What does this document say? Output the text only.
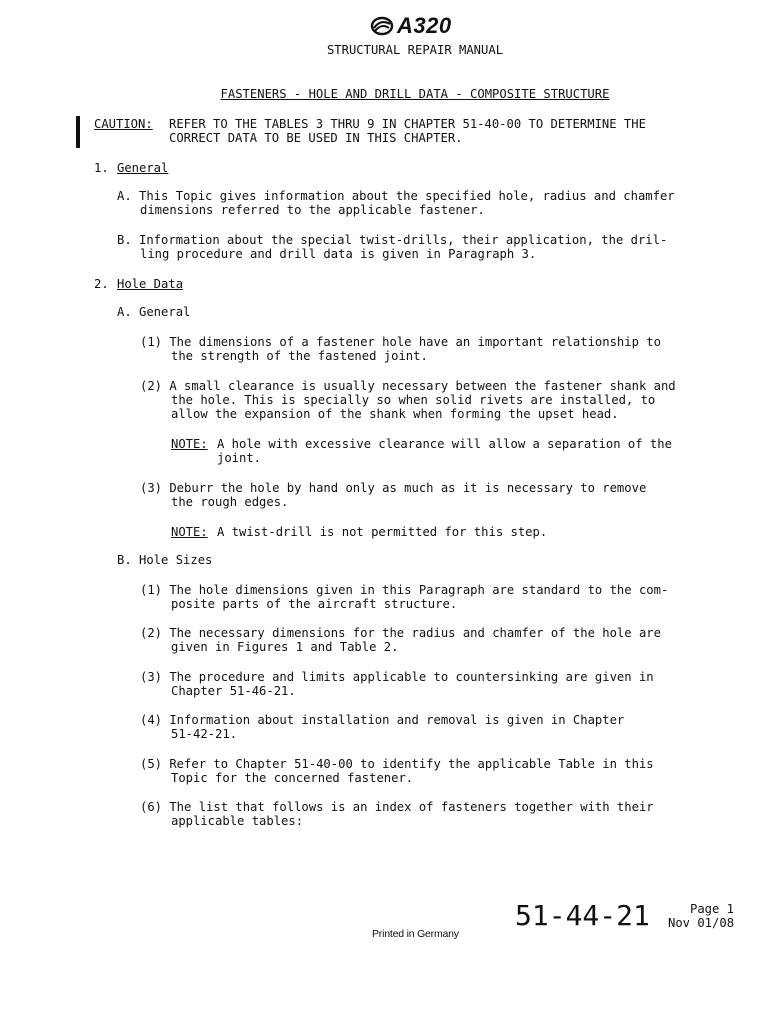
A320
STRUCTURAL REPAIR MANUAL
FASTENERS - HOLE AND DRILL DATA - COMPOSITE STRUCTURE
CAUTION: REFER TO THE TABLES 3 THRU 9 IN CHAPTER 51-40-00 TO DETERMINE THE
CORRECT DATA TO BE USED IN THIS CHAPTER.
1. General
A. This Topic gives information about the specified hole, radius and chamfer
dimensions referred to the applicable fastener.
B. Information about the special twist-drills, their application, the dril-
ling procedure and drill data is given in Paragraph 3.
2. Hole Data
A. General
(1) The dimensions of a fastener hole have an important relationship to
the strength of the fastened joint.
(2) A small clearance is usually necessary between the fastener shank and
the hole. This is specially so when solid rivets are installed, to
allow the expansion of the shank when forming the upset head.
NOTE: A hole with excessive clearance will allow a separation of the
joint.
(3) Deburr the hole by hand only as much as it is necessary to remove
the rough edges.
NOTE: A twist-drill is not permitted for this step.
B. Hole Sizes
(1) The hole dimensions given in this Paragraph are standard to the com-
posite parts of the aircraft structure.
(2) The necessary dimensions for the radius and chamfer of the hole are
given in Figures 1 and Table 2.
(3) The procedure and limits applicable to countersinking are given in
Chapter 51-46-21.
(4) Information about installation and removal is given in Chapter
51-42-21.
(5) Refer to Chapter 51-40-00 to identify the applicable Table in this
Topic for the concerned fastener.
(6) The list that follows is an index of fasteners together with their
applicable tables:
Printed in Germany
51-44-21	Page 1
Nov 01/08
